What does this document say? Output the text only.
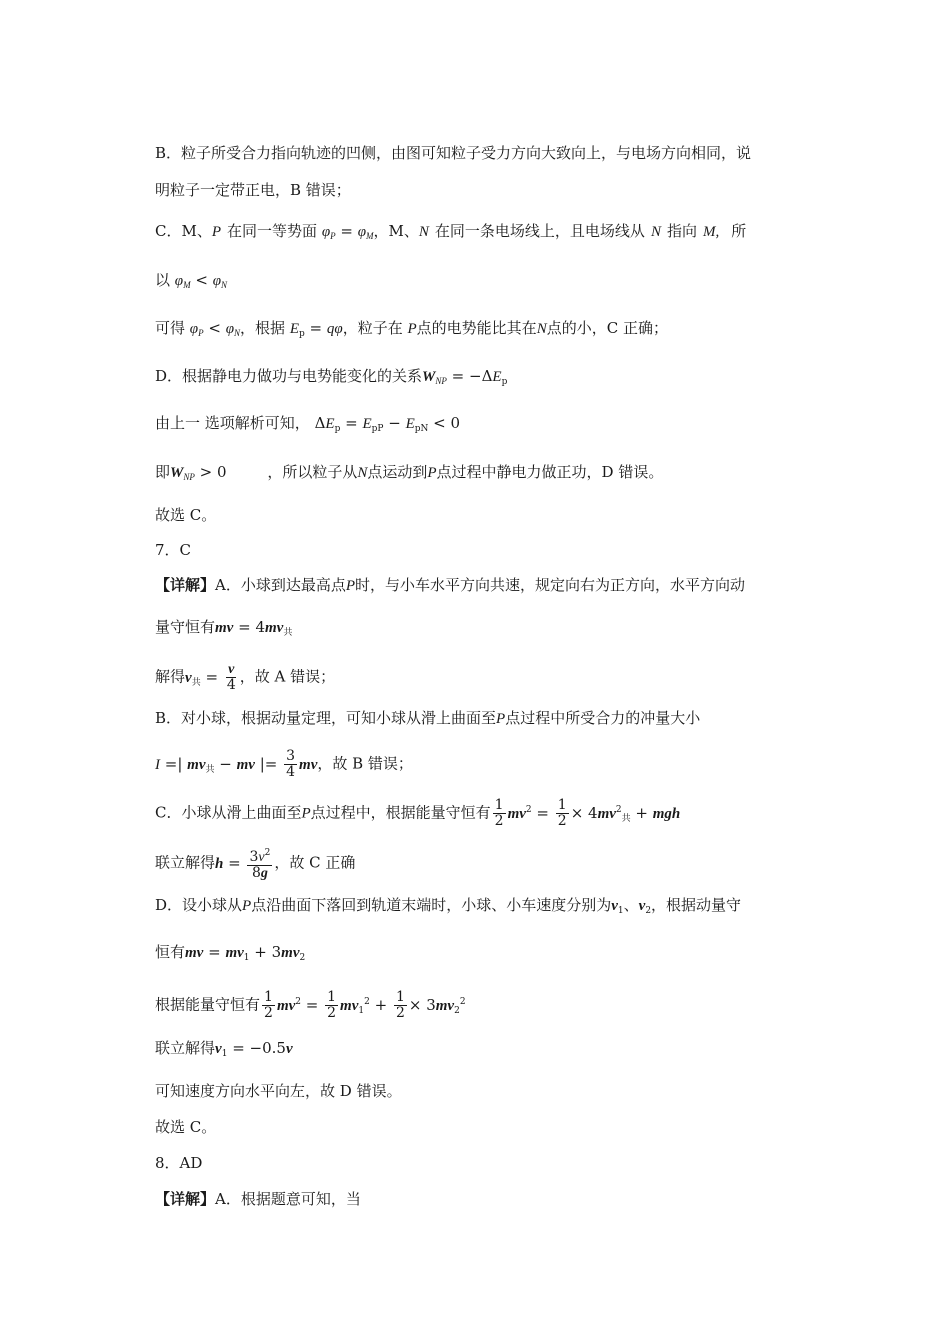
B．粒子所受合力指向轨迹的凹侧，由图可知粒子受力方向大致向上，与电场方向相同，说
明粒子一定带正电，B 错误；
C．M、P 在同一等势面 $\varphi_P = \varphi_M$，M、N 在同一条电场线上，且电场线从 N 指向 M, 所
以 $\varphi_M < \varphi_N$
可得 $\varphi_P < \varphi_N$，根据 $E_p = q\varphi$，粒子在 P点的电势能比其在N点的小，C 正确；
D．根据静电力做功与电势能变化的关系$W_{NP} = -\Delta E_p$
由上一 选项解析可知， $\Delta E_p = E_{pP} - E_{pN} < 0$
即$W_{NP} > 0$	，所以粒子从N点运动到P点过程中静电力做正功，D 错误。
故选 C。
7．C
【详解】A．小球到达最高点P时，与小车水平方向共速，规定向右为正方向，水平方向动
量守恒有mv = $4mv_共$
解得$v_共 = \frac{v}{4}$ ，故 A 错误；
B．对小球，根据动量定理，可知小球从滑上曲面至P点过程中所受合力的冲量大小
I =| $mv_共$ − mv |= $\frac{3}{4}$ mv，故 B 错误；
C．小球从滑上曲面至P点过程中，根据能量守恒有 $\frac{1}{2} mv^2 = \frac{1}{2} \times 4mv^2_共$ + mgh
联立解得$h = \frac{3v^2}{8g}$ ，故 C 正确
D．设小球从P点沿曲面下落回到轨道末端时，小球、小车速度分别为$v_1$、$v_2$，根据动量守
恒有mv = $mv_1 + 3mv_2$
根据能量守恒有 $\frac{1}{2} mv^2 = \frac{1}{2} mv_1^2 + \frac{1}{2} \times 3mv_2^2$
联立解得$v_1 = -0.5v$
可知速度方向水平向左，故 D 错误。
故选 C。
8．AD
【详解】A．根据题意可知，当
